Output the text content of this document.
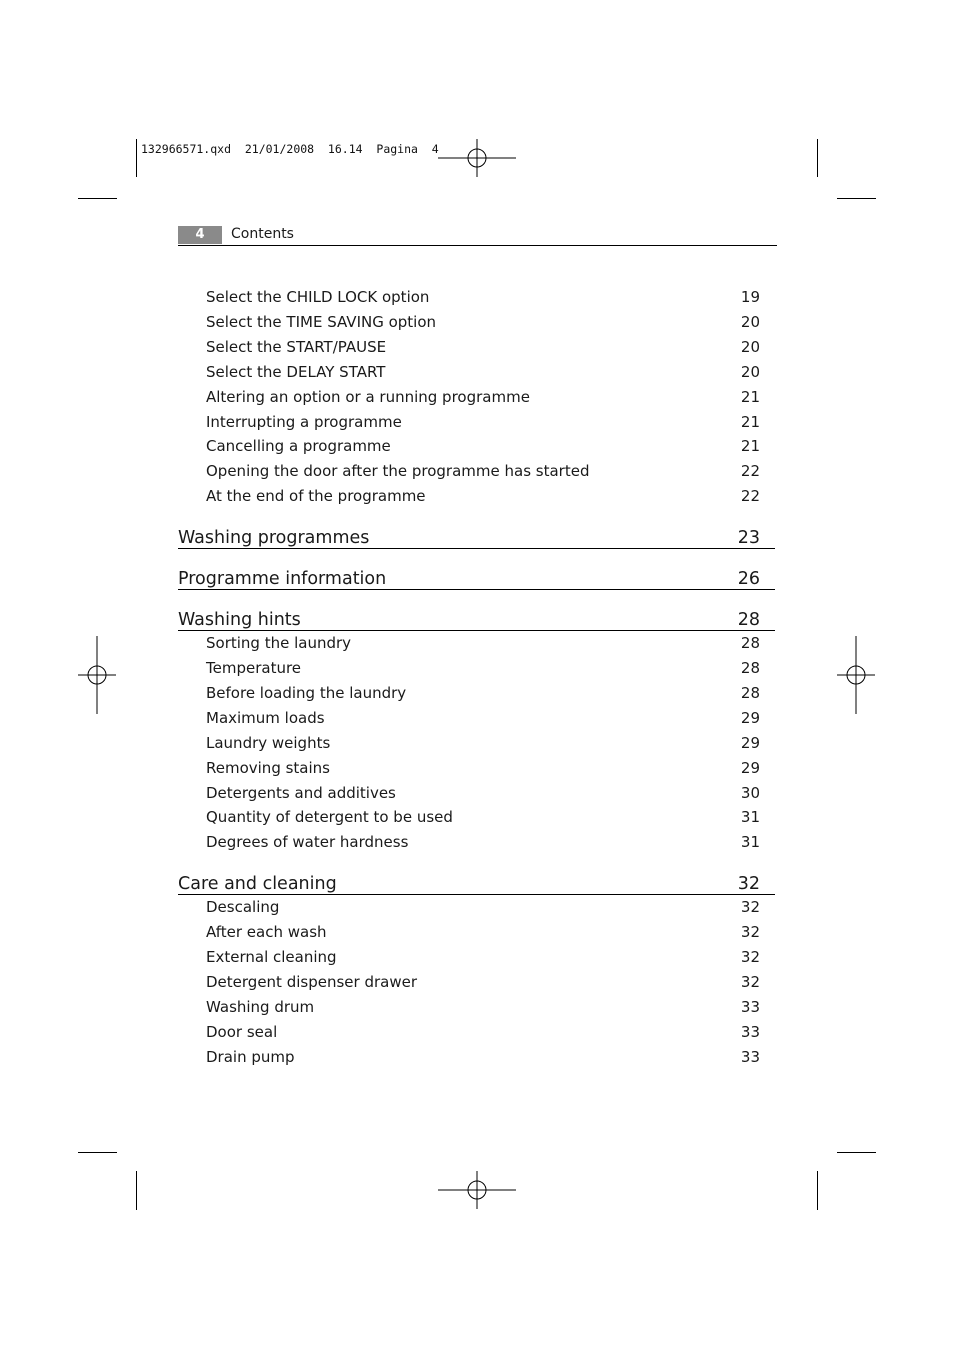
132966571.qxd  21/01/2008  16.14  Pagina  4
4	Contents
Select the CHILD LOCK option	19
Select the TIME SAVING option	20
Select the START/PAUSE	20
Select the DELAY START	20
Altering an option or a running programme	21
Interrupting a programme	21
Cancelling a programme	21
Opening the door after the programme has started	22
At the end of the programme	22
Washing programmes	23
Programme information	26
Washing hints	28
Sorting the laundry	28
Temperature	28
Before loading the laundry	28
Maximum loads	29
Laundry weights	29
Removing stains	29
Detergents and additives	30
Quantity of detergent to be used	31
Degrees of water hardness	31
Care and cleaning	32
Descaling	32
After each wash	32
External cleaning	32
Detergent dispenser drawer	32
Washing drum	33
Door seal	33
Drain pump	33
